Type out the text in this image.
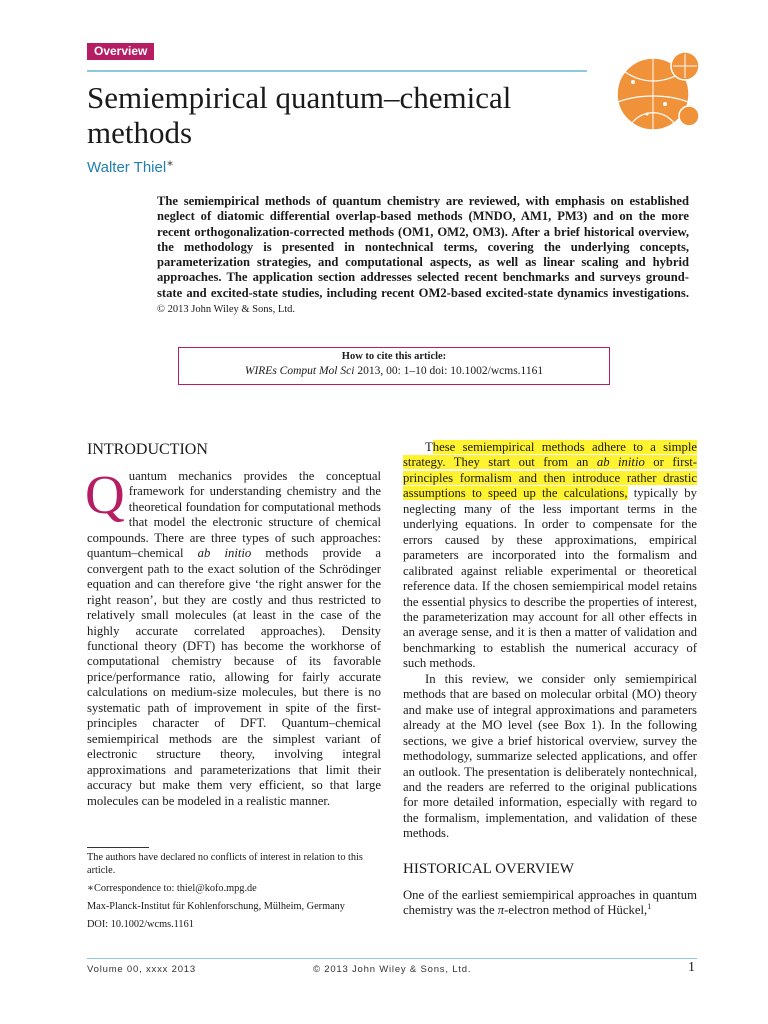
Overview
Semiempirical quantum–chemical methods
Walter Thiel∗

The semiempirical methods of quantum chemistry are reviewed, with emphasis on established neglect of diatomic differential overlap-based methods (MNDO, AM1, PM3) and on the more recent orthogonalization-corrected methods (OM1, OM2, OM3). After a brief historical overview, the methodology is presented in nontechnical terms, covering the underlying concepts, parameterization strategies, and computational aspects, as well as linear scaling and hybrid approaches. The application section addresses selected recent benchmarks and surveys ground-state and excited-state studies, including recent OM2-based excited-state dynamics investigations. © 2013 John Wiley & Sons, Ltd.

How to cite this article:
WIREs Comput Mol Sci 2013, 00: 1–10 doi: 10.1002/wcms.1161
INTRODUCTION

Quantum mechanics provides the conceptual framework for understanding chemistry and the theoretical foundation for computational methods that model the electronic structure of chemical compounds. There are three types of such approaches: quantum–chemical ab initio methods provide a convergent path to the exact solution of the Schrödinger equation and can therefore give ‘the right answer for the right reason’, but they are costly and thus restricted to relatively small molecules (at least in the case of the highly accurate correlated approaches). Density functional theory (DFT) has become the workhorse of computational chemistry because of its favorable price/performance ratio, allowing for fairly accurate calculations on medium-size molecules, but there is no systematic path of improvement in spite of the first-principles character of DFT. Quantum–chemical semiempirical methods are the simplest variant of electronic structure theory, involving integral approximations and parameterizations that limit their accuracy but make them very efficient, so that large molecules can be modeled in a realistic manner.

These semiempirical methods adhere to a simple strategy. They start out from an ab initio or first-principles formalism and then introduce rather drastic assumptions to speed up the calculations, typically by neglecting many of the less important terms in the underlying equations. In order to compensate for the errors caused by these approximations, empirical parameters are incorporated into the formalism and calibrated against reliable experimental or theoretical reference data. If the chosen semiempirical model retains the essential physics to describe the properties of interest, the parameterization may account for all other effects in an average sense, and it is then a matter of validation and benchmarking to establish the numerical accuracy of such methods.

In this review, we consider only semiempirical methods that are based on molecular orbital (MO) theory and make use of integral approximations and parameters already at the MO level (see Box 1). In the following sections, we give a brief historical overview, survey the methodology, summarize selected applications, and offer an outlook. The presentation is deliberately nontechnical, and the readers are referred to the original publications for more detailed information, especially with regard to the formalism, implementation, and validation of these methods.

HISTORICAL OVERVIEW

One of the earliest semiempirical approaches in quantum chemistry was the π-electron method of Hückel,$^1$

The authors have declared no conflicts of interest in relation to this article.

∗Correspondence to: thiel@kofo.mpg.de

Max-Planck-Institut für Kohlenforschung, Mülheim, Germany

DOI: 10.1002/wcms.1161

Volume 00, xxxx 2013	© 2013 John Wiley & Sons, Ltd.	1
